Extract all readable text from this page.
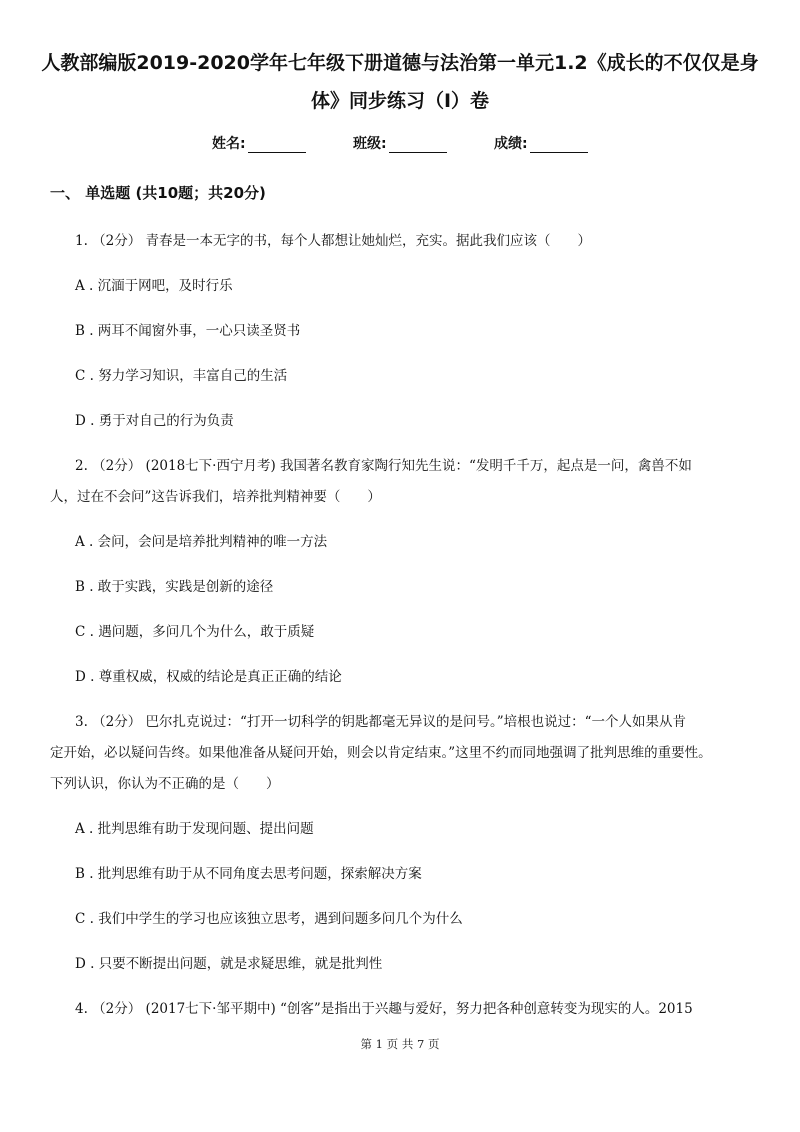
人教部编版2019-2020学年七年级下册道德与法治第一单元1.2《成长的不仅仅是身
体》同步练习（I）卷
姓名:	班级:	成绩:
一、 单选题 (共10题；共20分)
1. （2分） 青春是一本无字的书，每个人都想让她灿烂，充实。据此我们应该（　　）
A . 沉湎于网吧，及时行乐
B . 两耳不闻窗外事，一心只读圣贤书
C . 努力学习知识，丰富自己的生活
D . 勇于对自己的行为负责
2. （2分） (2018七下·西宁月考) 我国著名教育家陶行知先生说：“发明千千万，起点是一问，禽兽不如
人，过在不会问”这告诉我们，培养批判精神要（　　）
A . 会问，会问是培养批判精神的唯一方法
B . 敢于实践，实践是创新的途径
C . 遇问题，多问几个为什么，敢于质疑
D . 尊重权威，权威的结论是真正正确的结论
3. （2分） 巴尔扎克说过：“打开一切科学的钥匙都毫无异议的是问号。”培根也说过：“一个人如果从肯
定开始，必以疑问告终。如果他准备从疑问开始，则会以肯定结束。”这里不约而同地强调了批判思维的重要性。
下列认识，你认为不正确的是（　　）
A . 批判思维有助于发现问题、提出问题
B . 批判思维有助于从不同角度去思考问题，探索解决方案
C . 我们中学生的学习也应该独立思考，遇到问题多问几个为什么
D . 只要不断提出问题，就是求疑思维，就是批判性
4. （2分） (2017七下·邹平期中) “创客”是指出于兴趣与爱好，努力把各种创意转变为现实的人。2015
第 1 页 共 7 页
